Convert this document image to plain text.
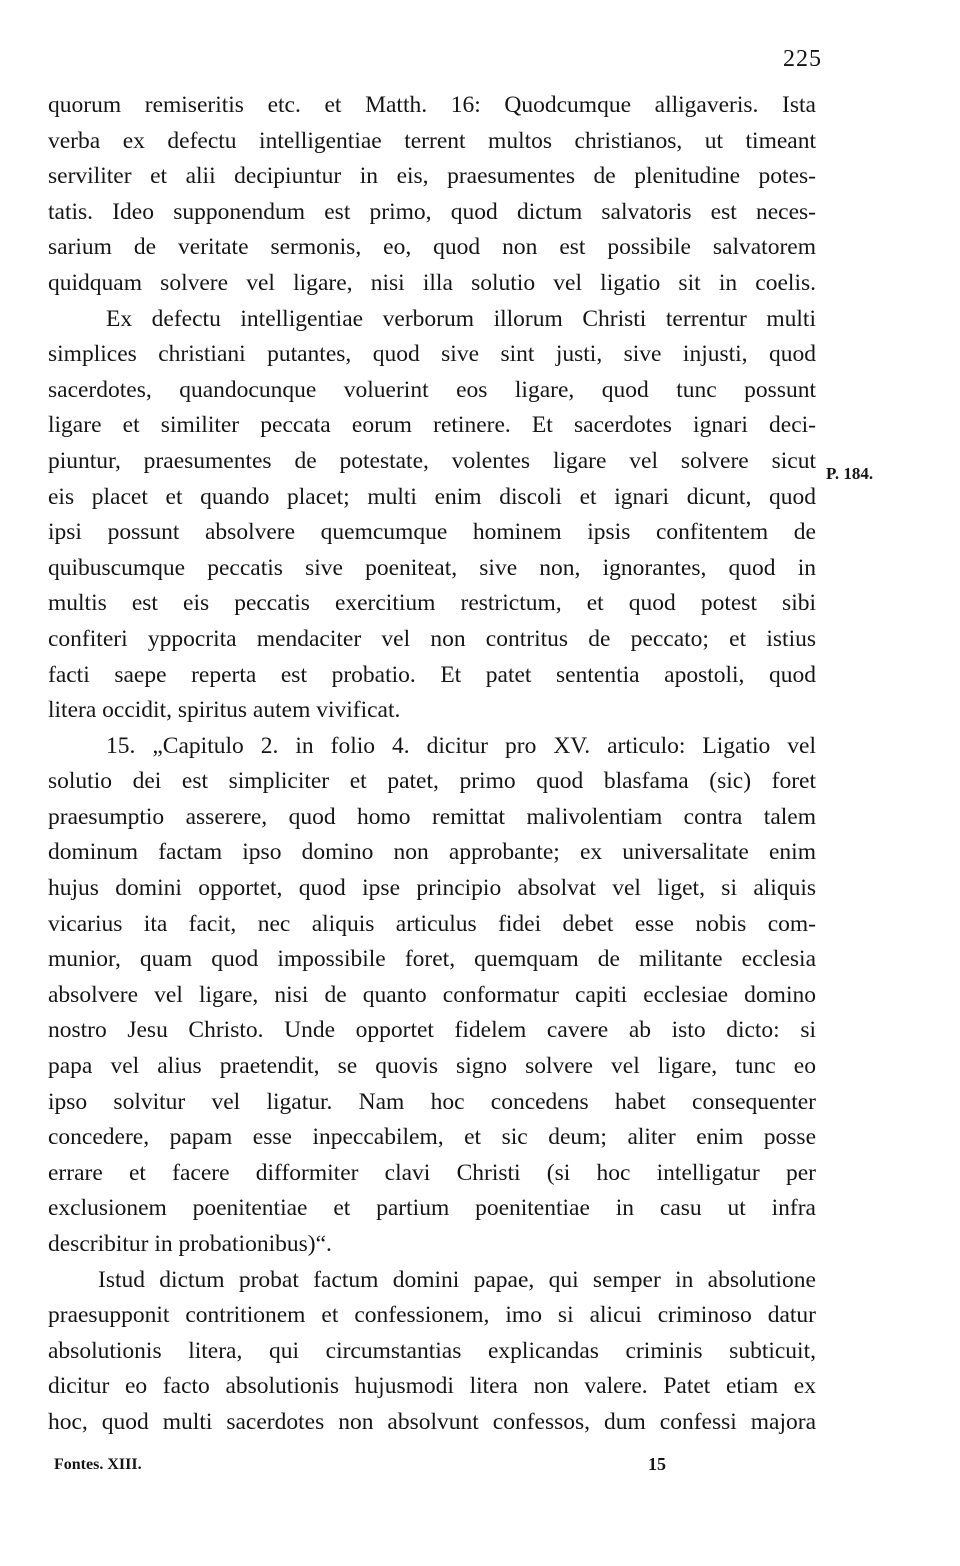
225
P. 184.
quorum remiseritis etc. et Matth. 16: Quodcumque alligaveris. Ista
verba ex defectu intelligentiae terrent multos christianos, ut timeant
serviliter et alii decipiuntur in eis, praesumentes de plenitudine potes-
tatis. Ideo supponendum est primo, quod dictum salvatoris est neces-
sarium de veritate sermonis, eo, quod non est possibile salvatorem
quidquam solvere vel ligare, nisi illa solutio vel ligatio sit in coelis.
Ex defectu intelligentiae verborum illorum Christi terrentur multi
simplices christiani putantes, quod sive sint justi, sive injusti, quod
sacerdotes, quandocunque voluerint eos ligare, quod tunc possunt
ligare et similiter peccata eorum retinere. Et sacerdotes ignari deci-
piuntur, praesumentes de potestate, volentes ligare vel solvere sicut
eis placet et quando placet; multi enim discoli et ignari dicunt, quod
ipsi possunt absolvere quemcumque hominem ipsis confitentem de
quibuscumque peccatis sive poeniteat, sive non, ignorantes, quod in
multis est eis peccatis exercitium restrictum, et quod potest sibi
confiteri yppocrita mendaciter vel non contritus de peccato; et istius
facti saepe reperta est probatio. Et patet sententia apostoli, quod
litera occidit, spiritus autem vivificat.
15. „Capitulo 2. in folio 4. dicitur pro XV. articulo: Ligatio vel
solutio dei est simpliciter et patet, primo quod blasfama (sic) foret
praesumptio asserere, quod homo remittat malivolentiam contra talem
dominum factam ipso domino non approbante; ex universalitate enim
hujus domini opportet, quod ipse principio absolvat vel liget, si aliquis
vicarius ita facit, nec aliquis articulus fidei debet esse nobis com-
munior, quam quod impossibile foret, quemquam de militante ecclesia
absolvere vel ligare, nisi de quanto conformatur capiti ecclesiae domino
nostro Jesu Christo. Unde opportet fidelem cavere ab isto dicto: si
papa vel alius praetendit, se quovis signo solvere vel ligare, tunc eo
ipso solvitur vel ligatur. Nam hoc concedens habet consequenter
concedere, papam esse inpeccabilem, et sic deum; aliter enim posse
errare et facere difformiter clavi Christi (si hoc intelligatur per
exclusionem poenitentiae et partium poenitentiae in casu ut infra
describitur in probationibus)“.
Istud dictum probat factum domini papae, qui semper in absolutione
praesupponit contritionem et confessionem, imo si alicui criminoso datur
absolutionis litera, qui circumstantias explicandas criminis subticuit,
dicitur eo facto absolutionis hujusmodi litera non valere. Patet etiam ex
hoc, quod multi sacerdotes non absolvunt confessos, dum confessi majora
Fontes. XIII.	15
